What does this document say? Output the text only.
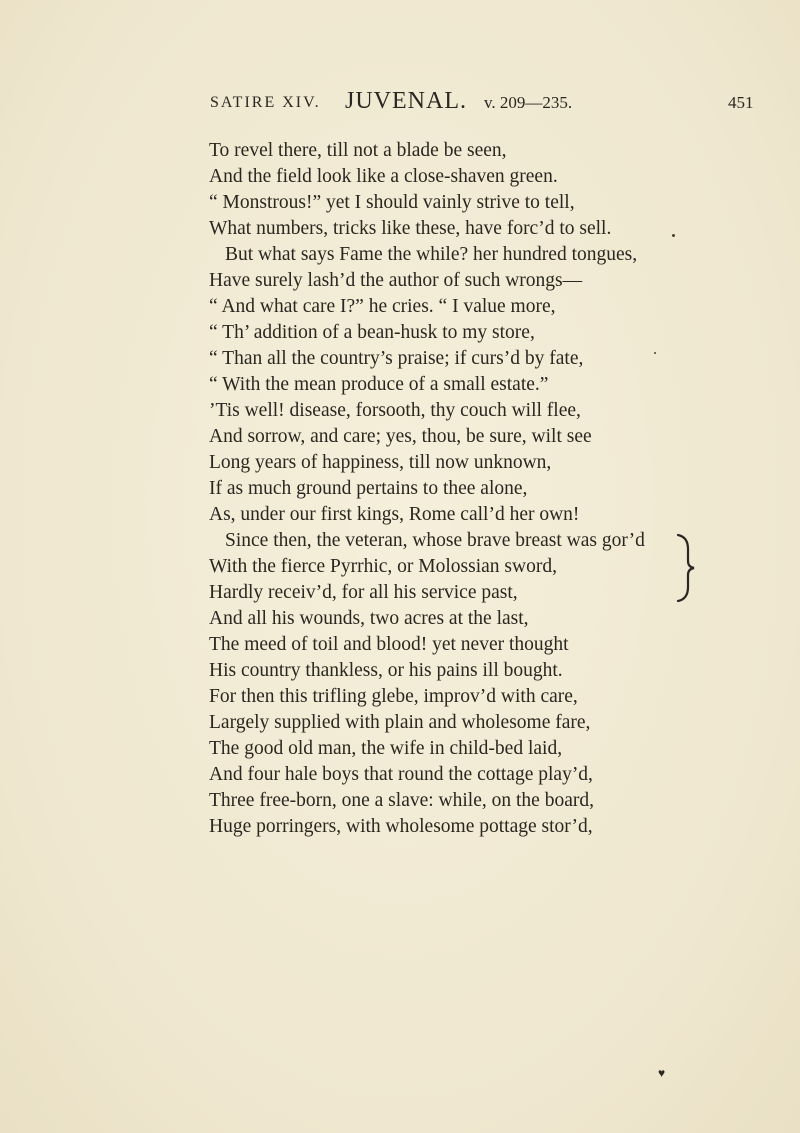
SATIRE XIV. JUVENAL. v. 209—235.	451
To revel there, till not a blade be seen,
And the field look like a close-shaven green.
“ Monstrous!” yet I should vainly strive to tell,
What numbers, tricks like these, have forc’d to sell.
But what says Fame the while? her hundred tongues,
Have surely lash’d the author of such wrongs—
“ And what care I?” he cries. “ I value more,
“ Th’ addition of a bean-husk to my store,
“ Than all the country’s praise; if curs’d by fate,
“ With the mean produce of a small estate.”
’Tis well! disease, forsooth, thy couch will flee,
And sorrow, and care; yes, thou, be sure, wilt see
Long years of happiness, till now unknown,
If as much ground pertains to thee alone,
As, under our first kings, Rome call’d her own!
Since then, the veteran, whose brave breast was gor’d
With the fierce Pyrrhic, or Molossian sword,
Hardly receiv’d, for all his service past,
And all his wounds, two acres at the last,
The meed of toil and blood! yet never thought
His country thankless, or his pains ill bought.
For then this trifling glebe, improv’d with care,
Largely supplied with plain and wholesome fare,
The good old man, the wife in child-bed laid,
And four hale boys that round the cottage play’d,
Three free-born, one a slave: while, on the board,
Huge porringers, with wholesome pottage stor’d,
♥
